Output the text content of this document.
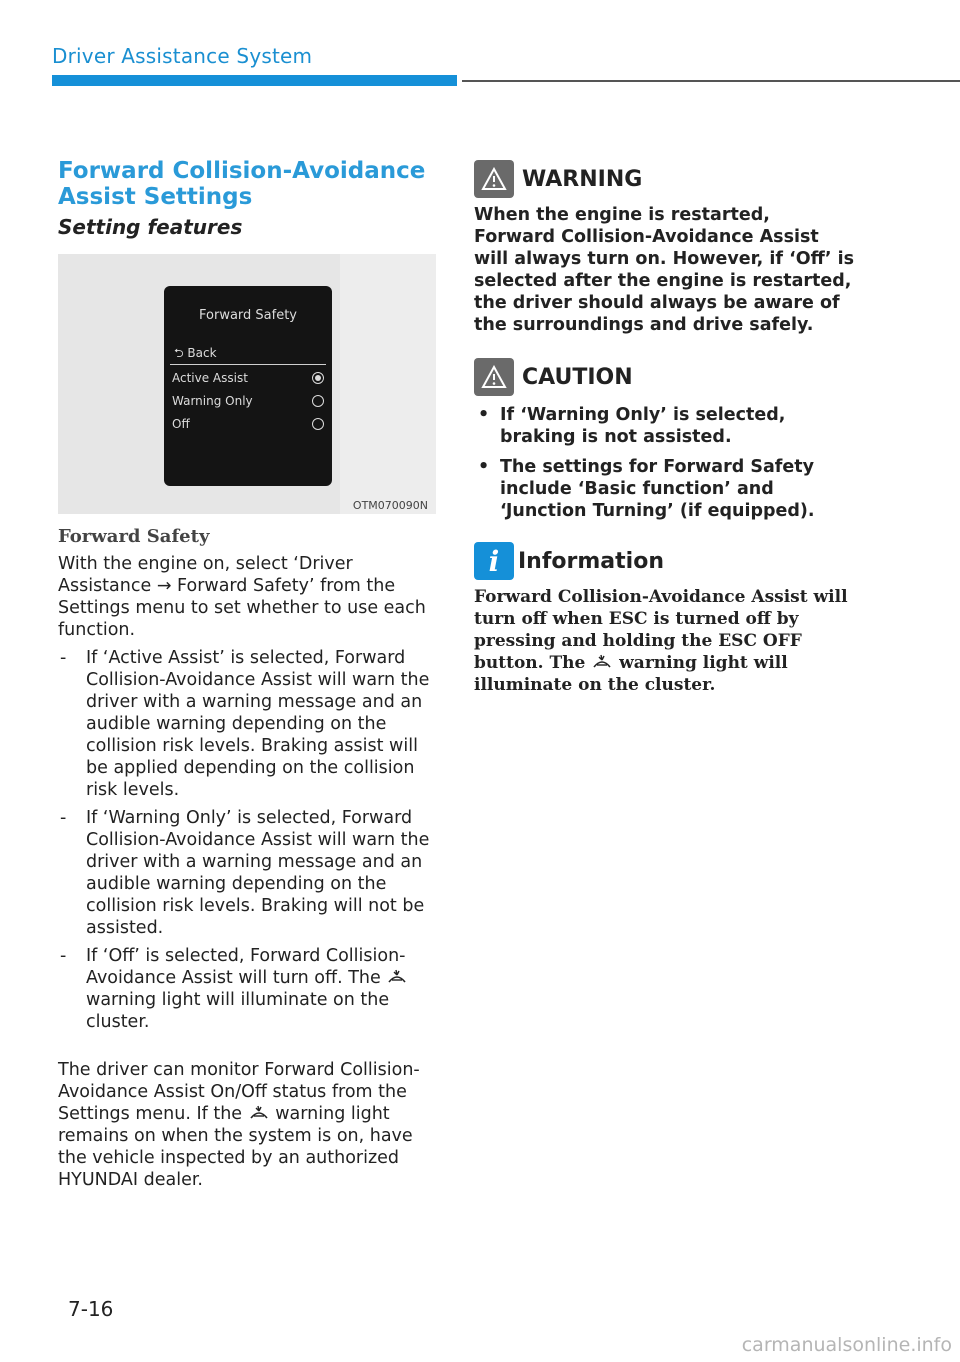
Driver Assistance System
Forward Collision-Avoidance
Assist Settings
Setting features
Forward Safety
⮌ Back
Active Assist
Warning Only
Off
OTM070090N
Forward Safety

With the engine on, select ‘Driver Assistance → Forward Safety’ from the Settings menu to set whether to use each function.

- If ‘Active Assist’ is selected, Forward Collision-Avoidance Assist will warn the driver with a warning message and an audible warning depending on the collision risk levels. Braking assist will be applied depending on the collision risk levels.
- If ‘Warning Only’ is selected, Forward Collision-Avoidance Assist will warn the driver with a warning message and an audible warning depending on the collision risk levels. Braking will not be assisted.
- If ‘Off’ is selected, Forward Collision-Avoidance Assist will turn off. The  warning light will illuminate on the cluster.

The driver can monitor Forward Collision-Avoidance Assist On/Off status from the Settings menu. If the warning light remains on when the system is on, have the vehicle inspected by an authorized HYUNDAI dealer.

WARNING

When the engine is restarted, Forward Collision-Avoidance Assist will always turn on. However, if ‘Off’ is selected after the engine is restarted, the driver should always be aware of the surroundings and drive safely.

CAUTION
• If ‘Warning Only’ is selected, braking is not assisted.
• The settings for Forward Safety include ‘Basic function’ and ‘Junction Turning’ (if equipped).
i Information

Forward Collision-Avoidance Assist will turn off when ESC is turned off by pressing and holding the ESC OFF button. The warning light will illuminate on the cluster.

7-16
carmanualsonline.info
